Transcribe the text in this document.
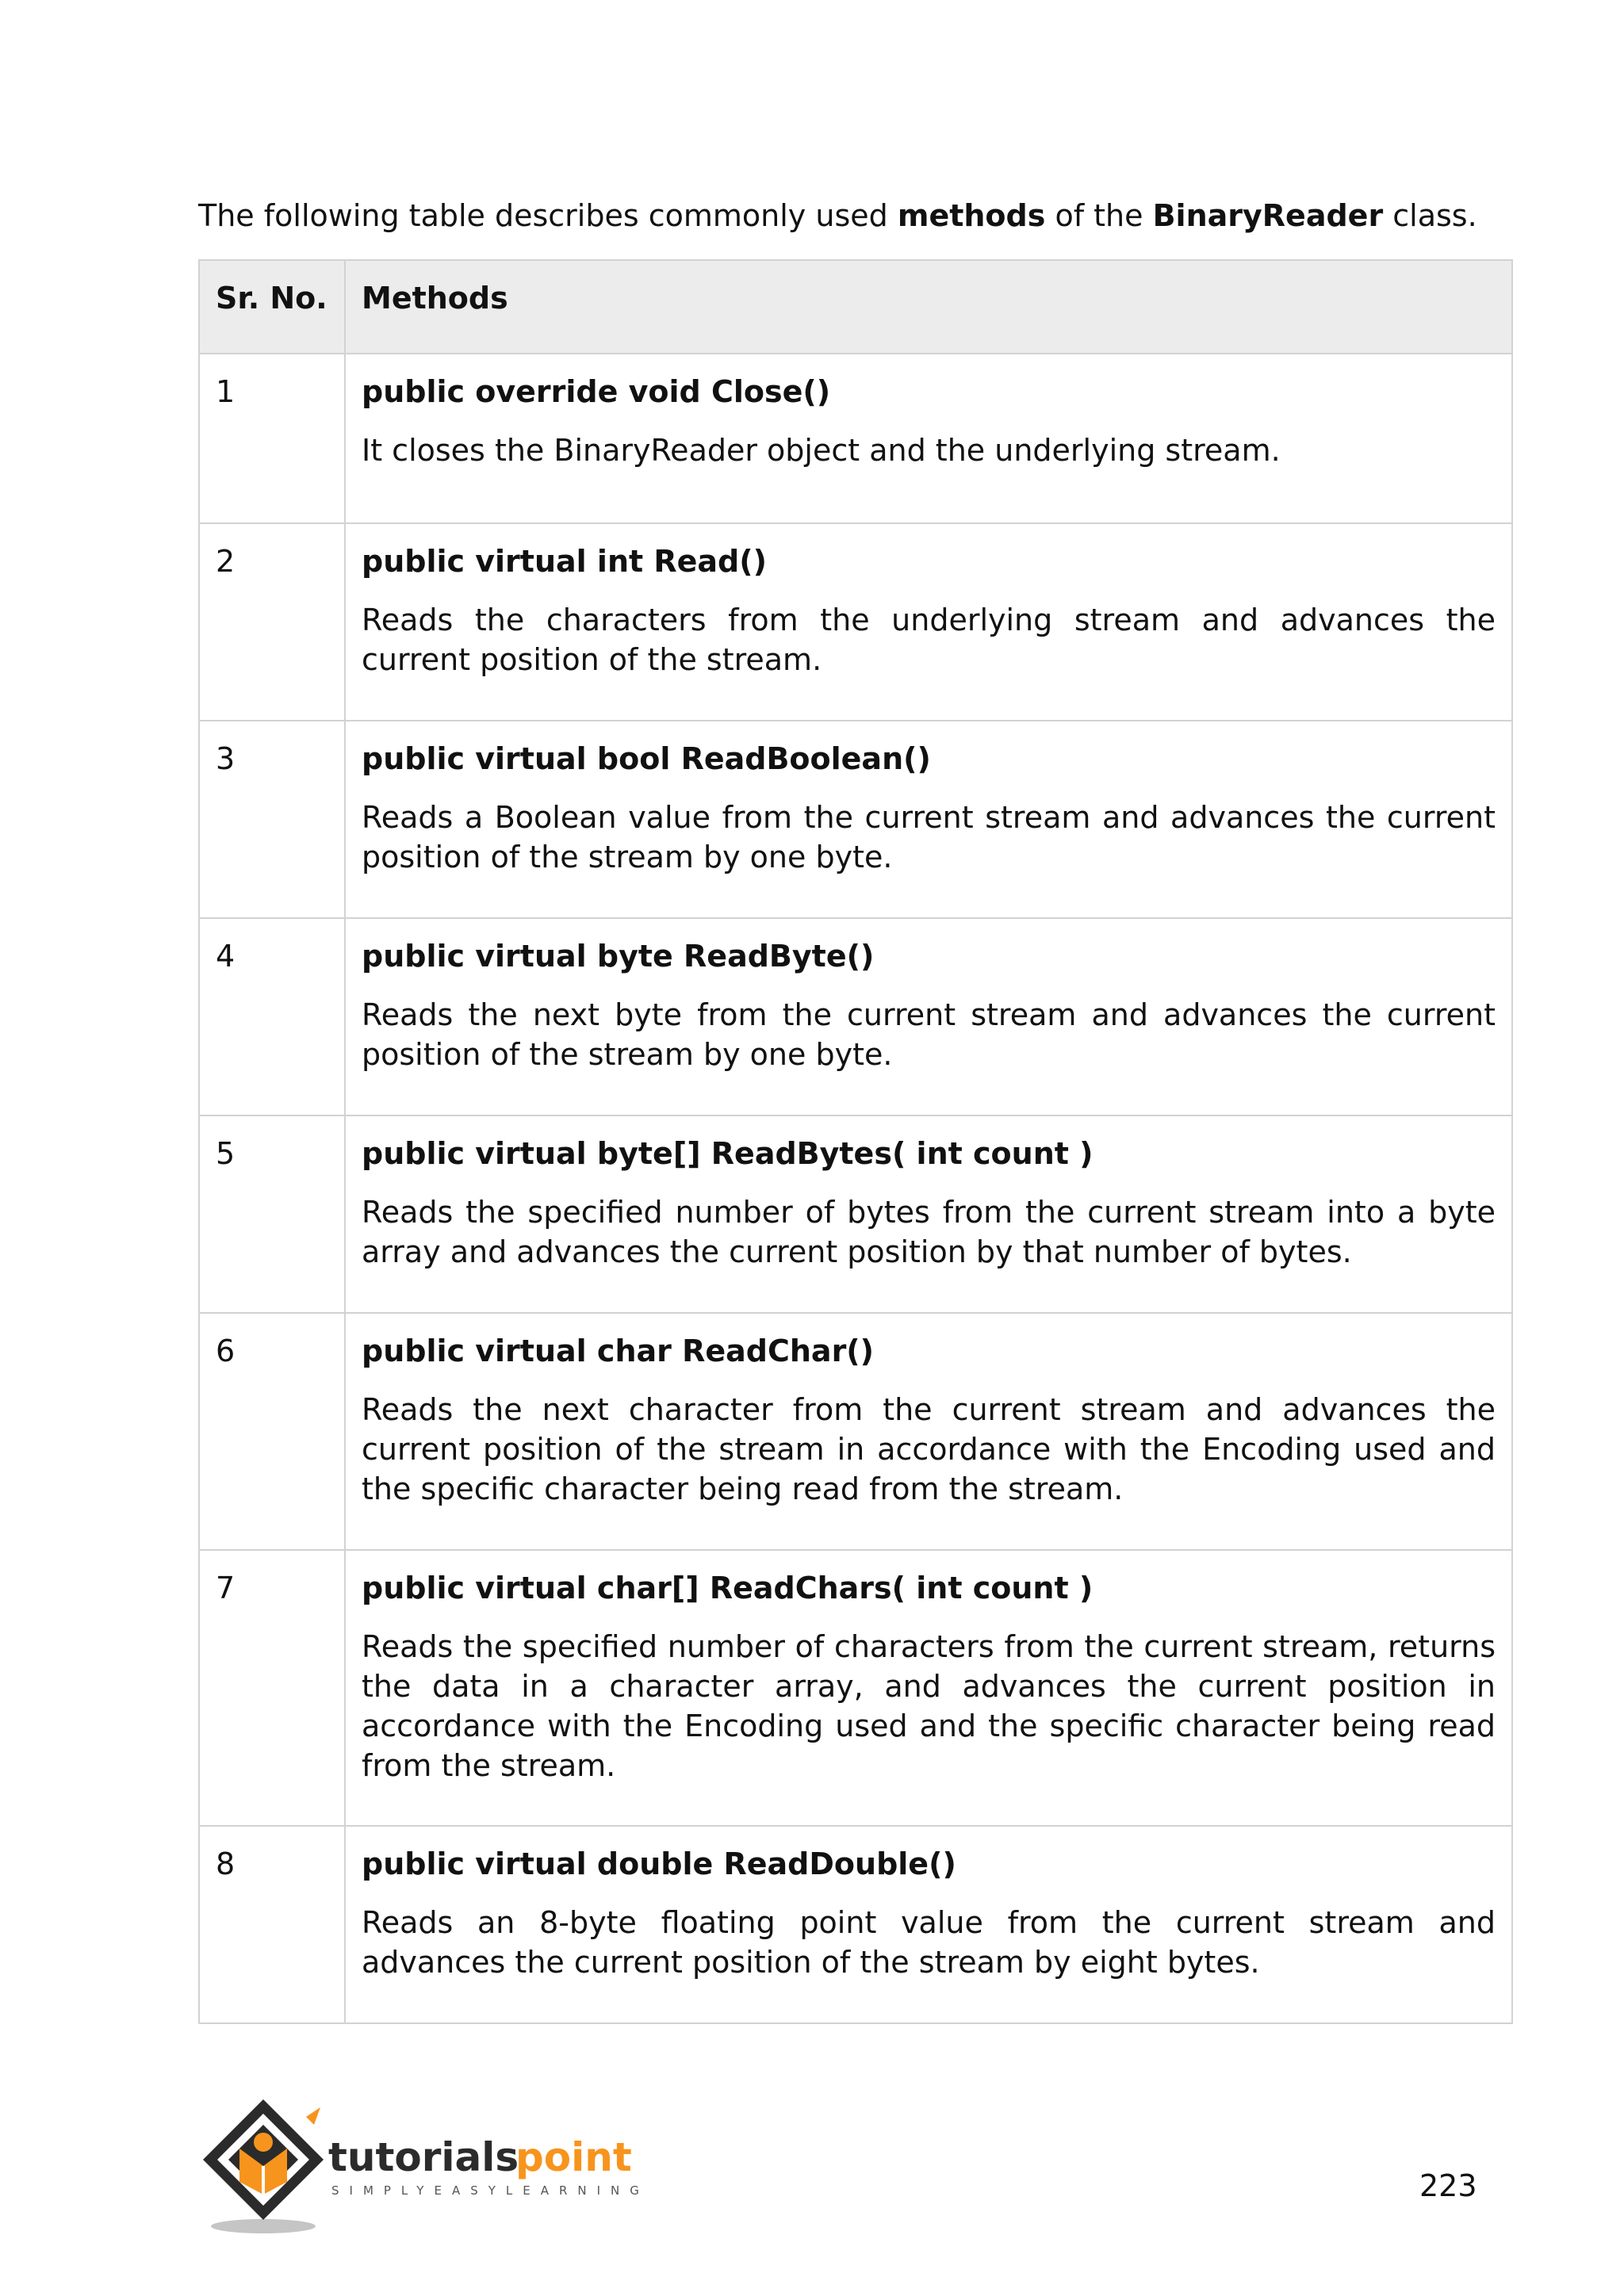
The following table describes commonly used methods of the BinaryReader class.

Sr. No.	Methods
1	public override void Close()
It closes the BinaryReader object and the underlying stream.

2	public virtual int Read()
Reads the characters from the underlying stream and advances the current position of the stream.

3	public virtual bool ReadBoolean()
Reads a Boolean value from the current stream and advances the current position of the stream by one byte.

4	public virtual byte ReadByte()
Reads the next byte from the current stream and advances the current position of the stream by one byte.

5	public virtual byte[] ReadBytes( int count )
Reads the specified number of bytes from the current stream into a byte array and advances the current position by that number of bytes.

6	public virtual char ReadChar()
Reads the next character from the current stream and advances the current position of the stream in accordance with the Encoding used and the specific character being read from the stream.

7	public virtual char[] ReadChars( int count )
Reads the specified number of characters from the current stream, returns the data in a character array, and advances the current position in accordance with the Encoding used and the specific character being read from the stream.

8	public virtual double ReadDouble()
Reads an 8-byte floating point value from the current stream and advances the current position of the stream by eight bytes.
tutorials
point
SIMPLYEASYLEARNING	223
